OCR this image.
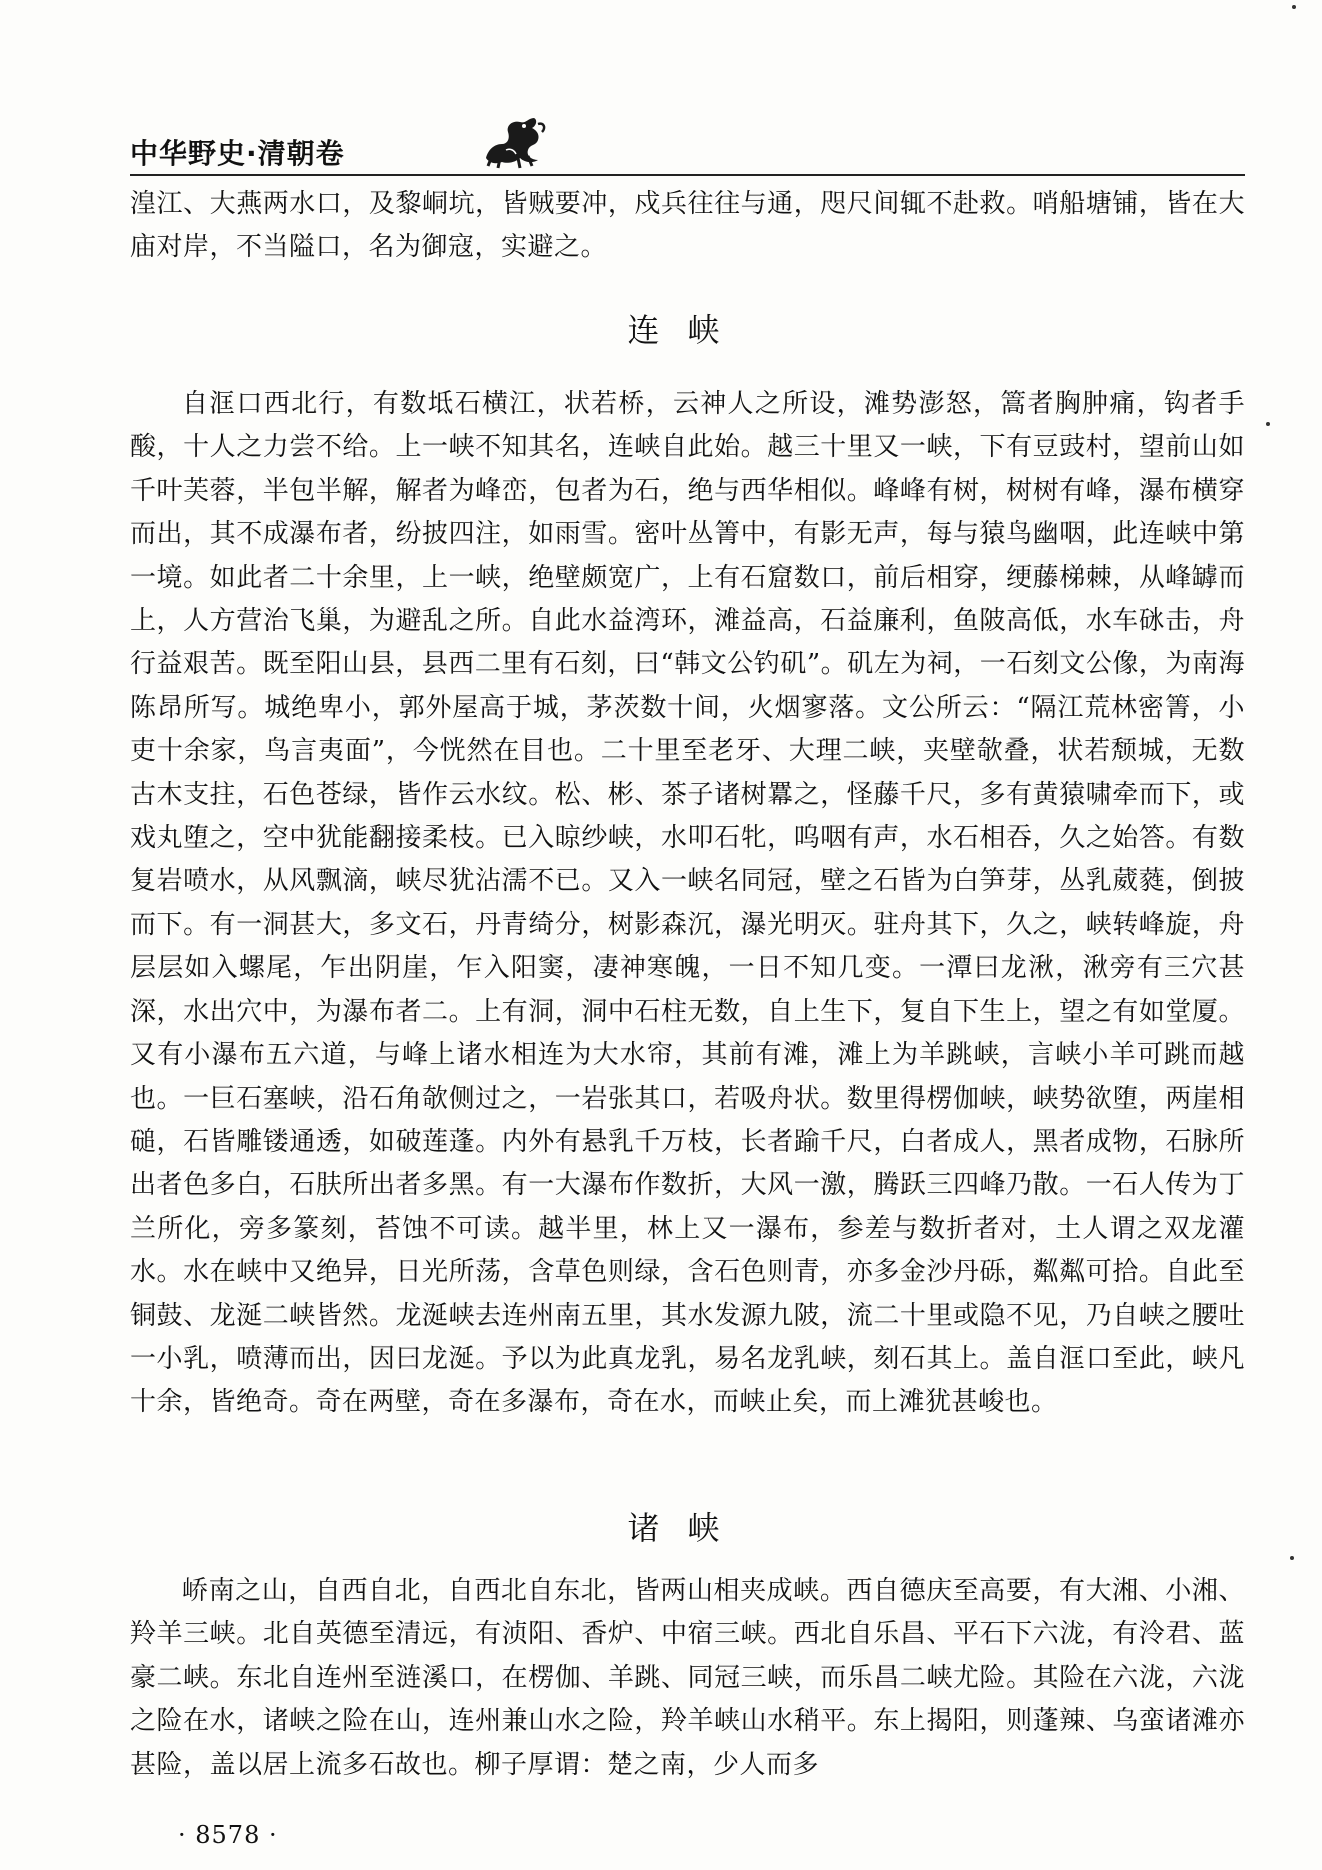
中华野史·清朝卷

湟江、大燕两水口，及黎峒坑，皆贼要冲，戍兵往往与通，咫尺间辄不赴救。哨船塘铺，皆在大庙对岸，不当隘口，名为御寇，实避之。

连峡

自洭口西北行，有数坻石横江，状若桥，云神人之所设，滩势澎怒，篙者胸肿痛，钩者手酸，十人之力尝不给。上一峡不知其名，连峡自此始。越三十里又一峡，下有豆豉村，望前山如千叶芙蓉，半包半解，解者为峰峦，包者为石，绝与西华相似。峰峰有树，树树有峰，瀑布横穿而出，其不成瀑布者，纷披四注，如雨雪。密叶丛箐中，有影无声，每与猿鸟幽咽，此连峡中第一境。如此者二十余里，上一峡，绝壁颇宽广，上有石窟数口，前后相穿，绠藤梯棘，从峰罅而上，人方营治飞巢，为避乱之所。自此水益湾环，滩益高，石益廉利，鱼陂高低，水车砯击，舟行益艰苦。既至阳山县，县西二里有石刻，曰“韩文公钓矶”。矶左为祠，一石刻文公像，为南海陈昂所写。城绝卑小，郭外屋高于城，茅茨数十间，火烟寥落。文公所云：“隔江荒林密箐，小吏十余家，鸟言夷面”，今恍然在目也。二十里至老牙、大理二峡，夹壁欹叠，状若颓城，无数古木支拄，石色苍绿，皆作云水纹。松、彬、茶子诸树羃之，怪藤千尺，多有黄猿啸牵而下，或戏丸堕之，空中犹能翻接柔枝。已入晾纱峡，水叩石牝，呜咽有声，水石相吞，久之始答。有数复岩喷水，从风飘滴，峡尽犹沾濡不已。又入一峡名同冠，壁之石皆为白笋芽，丛乳葳蕤，倒披而下。有一洞甚大，多文石，丹青绮分，树影森沉，瀑光明灭。驻舟其下，久之，峡转峰旋，舟层层如入螺尾，乍出阴崖，乍入阳窦，凄神寒魄，一日不知几变。一潭曰龙湫，湫旁有三穴甚深，水出穴中，为瀑布者二。上有洞，洞中石柱无数，自上生下，复自下生上，望之有如堂厦。又有小瀑布五六道，与峰上诸水相连为大水帘，其前有滩，滩上为羊跳峡，言峡小羊可跳而越也。一巨石塞峡，沿石角欹侧过之，一岩张其口，若吸舟状。数里得楞伽峡，峡势欲堕，两崖相磓，石皆雕镂通透，如破莲蓬。内外有悬乳千万枝，长者踰千尺，白者成人，黑者成物，石脉所出者色多白，石肤所出者多黑。有一大瀑布作数折，大风一激，腾跃三四峰乃散。一石人传为丁兰所化，旁多篆刻，苔蚀不可读。越半里，林上又一瀑布，参差与数折者对，土人谓之双龙灌水。水在峡中又绝异，日光所荡，含草色则绿，含石色则青，亦多金沙丹砾，粼粼可拾。自此至铜鼓、龙涎二峡皆然。龙涎峡去连州南五里，其水发源九陂，流二十里或隐不见，乃自峡之腰吐一小乳，喷薄而出，因曰龙涎。予以为此真龙乳，易名龙乳峡，刻石其上。盖自洭口至此，峡凡十余，皆绝奇。奇在两壁，奇在多瀑布，奇在水，而峡止矣，而上滩犹甚峻也。

诸峡

峤南之山，自西自北，自西北自东北，皆两山相夹成峡。西自德庆至高要，有大湘、小湘、羚羊三峡。北自英德至清远，有浈阳、香炉、中宿三峡。西北自乐昌、平石下六泷，有泠君、蓝豪二峡。东北自连州至涟溪口，在楞伽、羊跳、同冠三峡，而乐昌二峡尤险。其险在六泷，六泷之险在水，诸峡之险在山，连州兼山水之险，羚羊峡山水稍平。东上揭阳，则蓬辣、乌蛮诸滩亦甚险，盖以居上流多石故也。柳子厚谓：楚之南，少人而多

· 8578 ·
